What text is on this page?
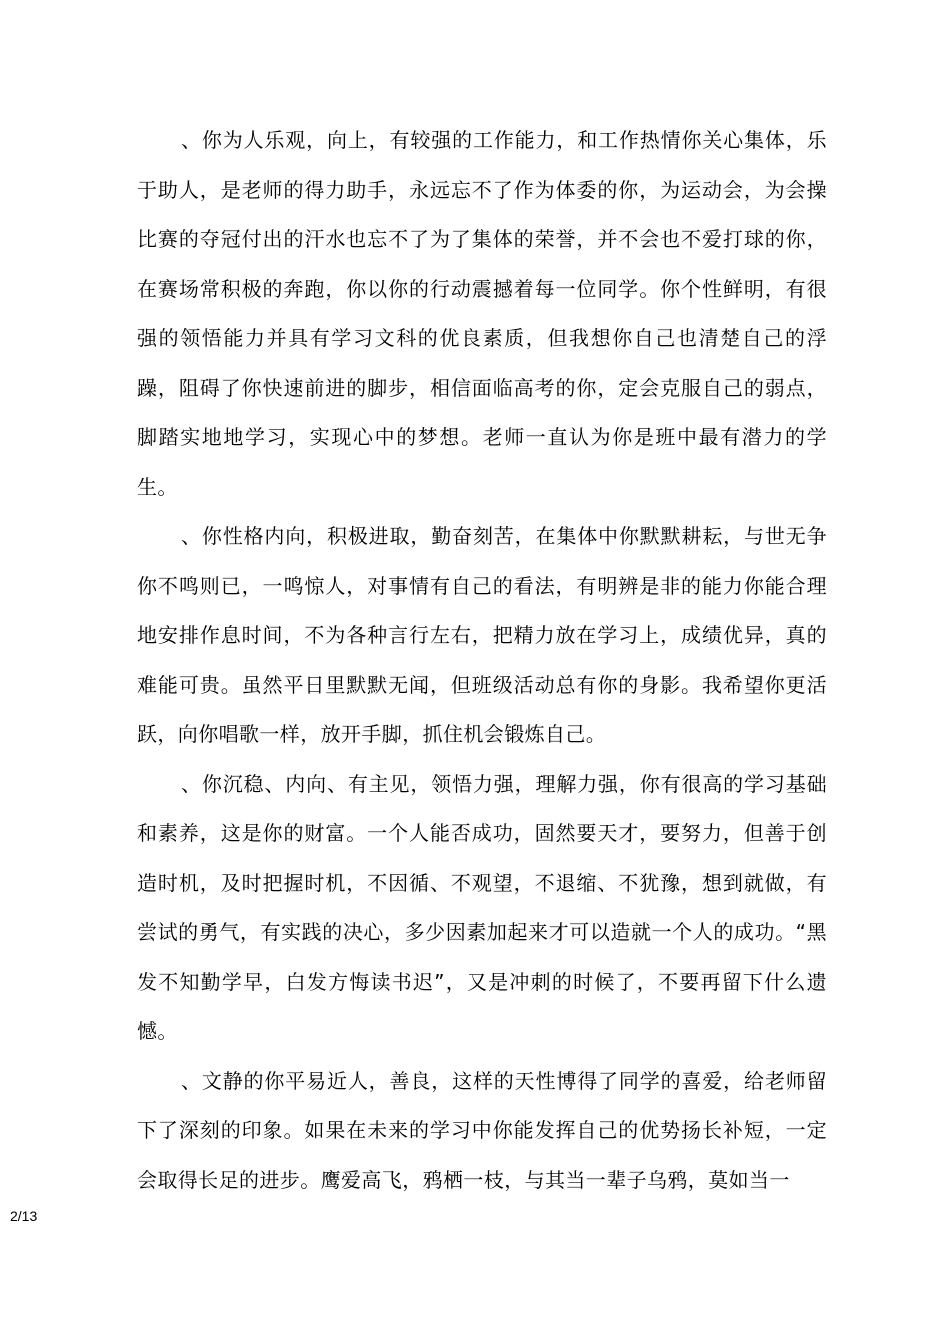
、你为人乐观，向上，有较强的工作能力，和工作热情你关心集体，乐于助人，是老师的得力助手，永远忘不了作为体委的你，为运动会，为会操比赛的夺冠付出的汗水也忘不了为了集体的荣誉，并不会也不爱打球的你，在赛场常积极的奔跑，你以你的行动震撼着每一位同学。你个性鲜明，有很强的领悟能力并具有学习文科的优良素质，但我想你自己也清楚自己的浮躁，阻碍了你快速前进的脚步，相信面临高考的你，定会克服自己的弱点，脚踏实地地学习，实现心中的梦想。老师一直认为你是班中最有潜力的学生。

、你性格内向，积极进取，勤奋刻苦，在集体中你默默耕耘，与世无争你不鸣则已，一鸣惊人，对事情有自己的看法，有明辨是非的能力你能合理地安排作息时间，不为各种言行左右，把精力放在学习上，成绩优异，真的难能可贵。虽然平日里默默无闻，但班级活动总有你的身影。我希望你更活跃，向你唱歌一样，放开手脚，抓住机会锻炼自己。

、你沉稳、内向、有主见，领悟力强，理解力强，你有很高的学习基础和素养，这是你的财富。一个人能否成功，固然要天才，要努力，但善于创造时机，及时把握时机，不因循、不观望，不退缩、不犹豫，想到就做，有尝试的勇气，有实践的决心，多少因素加起来才可以造就一个人的成功。“黑发不知勤学早，白发方悔读书迟”，又是冲刺的时候了，不要再留下什么遗憾。

、文静的你平易近人，善良，这样的天性博得了同学的喜爱，给老师留下了深刻的印象。如果在未来的学习中你能发挥自己的优势扬长补短，一定会取得长足的进步。鹰爱高飞，鸦栖一枝，与其当一辈子乌鸦，莫如当一

2/13
